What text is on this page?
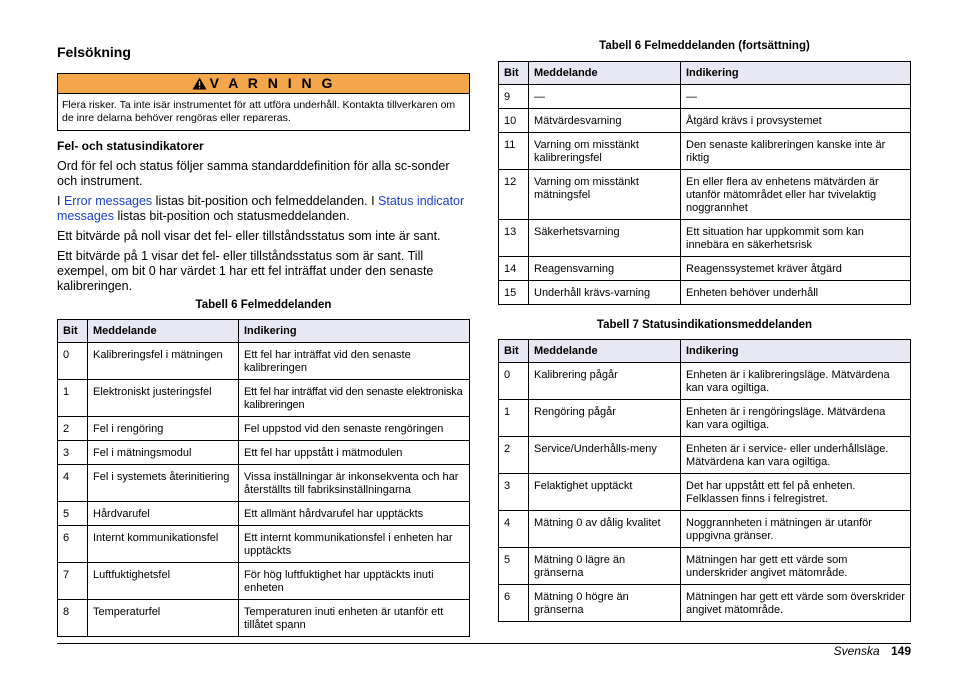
Felsökning
V A R N I N G
Flera risker. Ta inte isär instrumentet för att utföra underhåll. Kontakta tillverkaren om de inre delarna behöver rengöras eller repareras.
Fel- och statusindikatorer

Ord för fel och status följer samma standarddefinition för alla sc-sonder och instrument.

I Error messages listas bit-position och felmeddelanden. I Status indicator messages listas bit-position och statusmeddelanden.

Ett bitvärde på noll visar det fel- eller tillståndsstatus som inte är sant.

Ett bitvärde på 1 visar det fel- eller tillståndsstatus som är sant. Till exempel, om bit 0 har värdet 1 har ett fel inträffat under den senaste kalibreringen.

Tabell 6 Felmeddelanden
Bit	Meddelande	Indikering
0	Kalibreringsfel i mätningen	Ett fel har inträffat vid den senaste kalibreringen
1	Elektroniskt justeringsfel	Ett fel har inträffat vid den senaste elektroniska kalibreringen
2	Fel i rengöring	Fel uppstod vid den senaste rengöringen
3	Fel i mätningsmodul	Ett fel har uppstått i mätmodulen
4	Fel i systemets återinitiering	Vissa inställningar är inkonsekventa och har återställts till fabriksinställningarna
5	Hårdvarufel	Ett allmänt hårdvarufel har upptäckts
6	Internt kommunikationsfel	Ett internt kommunikationsfel i enheten har upptäckts
7	Luftfuktighetsfel	För hög luftfuktighet har upptäckts inuti enheten
8	Temperaturfel	Temperaturen inuti enheten är utanför ett tillåtet spann
Tabell 6 Felmeddelanden (fortsättning)
Bit	Meddelande	Indikering
9	—	—
10	Mätvärdesvarning	Åtgärd krävs i provsystemet
11	Varning om misstänkt kalibreringsfel	Den senaste kalibreringen kanske inte är riktig
12	Varning om misstänkt mätningsfel	En eller flera av enhetens mätvärden är utanför mätområdet eller har tvivelaktig noggrannhet
13	Säkerhetsvarning	Ett situation har uppkommit som kan innebära en säkerhetsrisk
14	Reagensvarning	Reagenssystemet kräver åtgärd
15	Underhåll krävs-varning	Enheten behöver underhåll
Tabell 7 Statusindikationsmeddelanden
Bit	Meddelande	Indikering
0	Kalibrering pågår	Enheten är i kalibreringsläge. Mätvärdena kan vara ogiltiga.
1	Rengöring pågår	Enheten är i rengöringsläge. Mätvärdena kan vara ogiltiga.
2	Service/Underhålls-meny	Enheten är i service- eller underhållsläge. Mätvärdena kan vara ogiltiga.
3	Felaktighet upptäckt	Det har uppstått ett fel på enheten. Felklassen finns i felregistret.
4	Mätning 0 av dålig kvalitet	Noggrannheten i mätningen är utanför uppgivna gränser.
5	Mätning 0 lägre än gränserna	Mätningen har gett ett värde som underskrider angivet mätområde.
6	Mätning 0 högre än gränserna	Mätningen har gett ett värde som överskrider angivet mätområde.
Svenska 149
